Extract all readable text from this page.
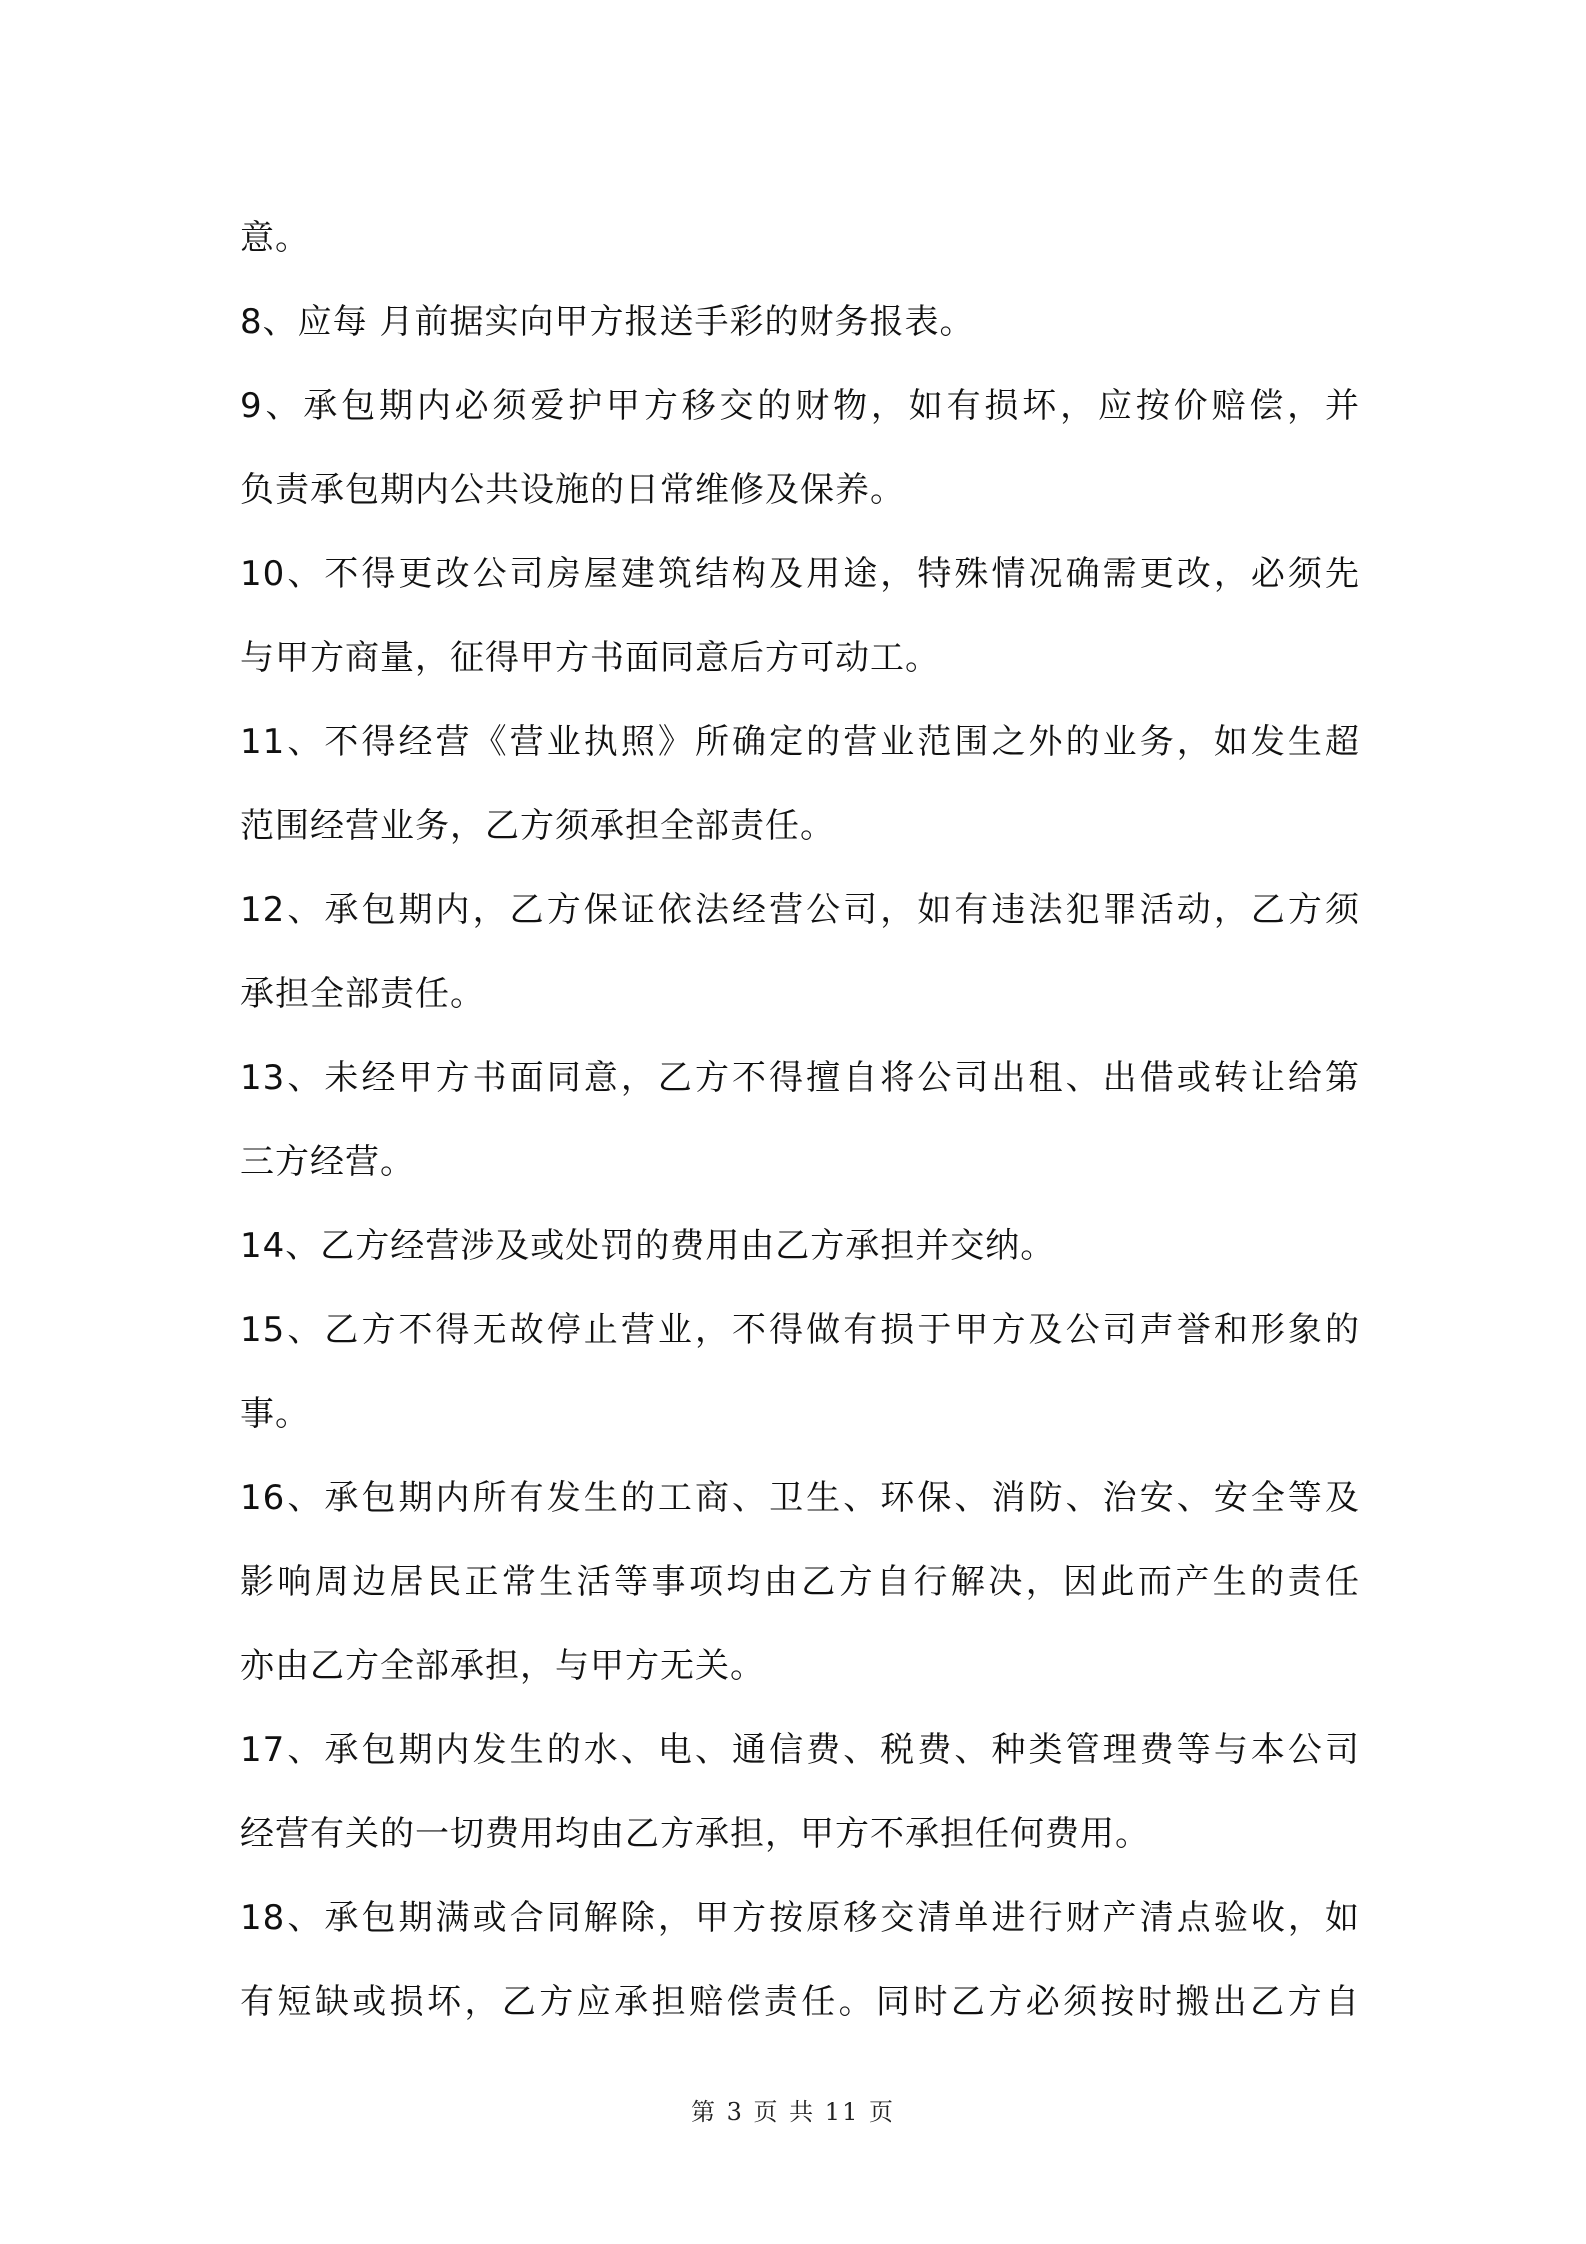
意。
8、应每 月前据实向甲方报送手彩的财务报表。
9、承包期内必须爱护甲方移交的财物，如有损坏，应按价赔偿，并
负责承包期内公共设施的日常维修及保养。
10、不得更改公司房屋建筑结构及用途，特殊情况确需更改，必须先
与甲方商量，征得甲方书面同意后方可动工。
11、不得经营《营业执照》所确定的营业范围之外的业务，如发生超
范围经营业务，乙方须承担全部责任。
12、承包期内，乙方保证依法经营公司，如有违法犯罪活动，乙方须
承担全部责任。
13、未经甲方书面同意，乙方不得擅自将公司出租、出借或转让给第
三方经营。
14、乙方经营涉及或处罚的费用由乙方承担并交纳。
15、乙方不得无故停止营业，不得做有损于甲方及公司声誉和形象的
事。
16、承包期内所有发生的工商、卫生、环保、消防、治安、安全等及
影响周边居民正常生活等事项均由乙方自行解决，因此而产生的责任
亦由乙方全部承担，与甲方无关。
17、承包期内发生的水、电、通信费、税费、种类管理费等与本公司
经营有关的一切费用均由乙方承担，甲方不承担任何费用。
18、承包期满或合同解除，甲方按原移交清单进行财产清点验收，如
有短缺或损坏，乙方应承担赔偿责任。同时乙方必须按时搬出乙方自
第 3 页 共 11 页
